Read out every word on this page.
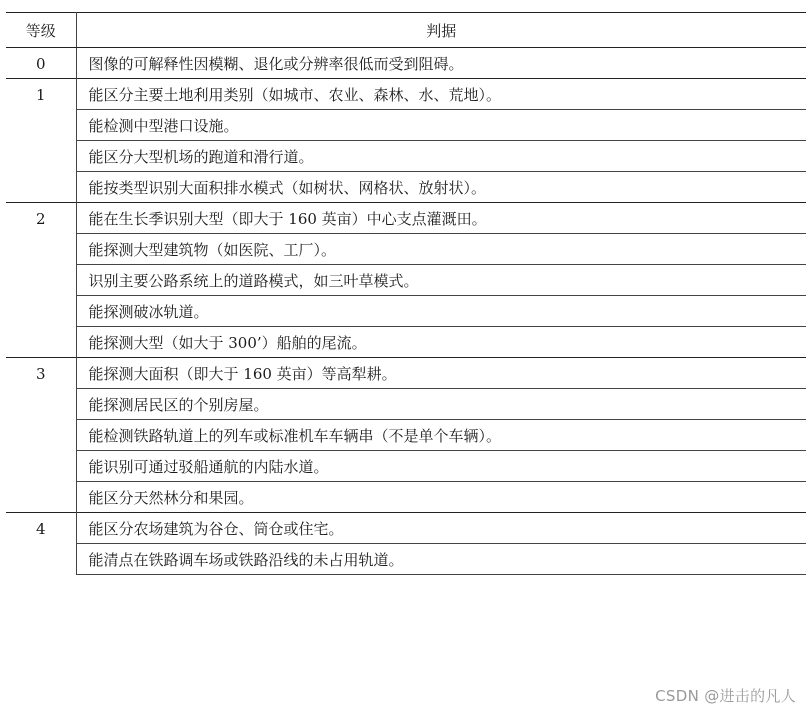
等级	判据
0	图像的可解释性因模糊、退化或分辨率很低而受到阻碍。
1	能区分主要土地利用类别（如城市、农业、森林、水、荒地）。
	能检测中型港口设施。
	能区分大型机场的跑道和滑行道。
	能按类型识别大面积排水模式（如树状、网格状、放射状）。
2	能在生长季识别大型（即大于 160 英亩）中心支点灌溉田。
	能探测大型建筑物（如医院、工厂）。
	识别主要公路系统上的道路模式，如三叶草模式。
	能探测破冰轨道。
	能探测大型（如大于 300’）船舶的尾流。
3	能探测大面积（即大于 160 英亩）等高犁耕。
	能探测居民区的个别房屋。
	能检测铁路轨道上的列车或标准机车车辆串（不是单个车辆）。
	能识别可通过驳船通航的内陆水道。
	能区分天然林分和果园。
4	能区分农场建筑为谷仓、筒仓或住宅。
	能清点在铁路调车场或铁路沿线的未占用轨道。
CSDN @进击的凡人
